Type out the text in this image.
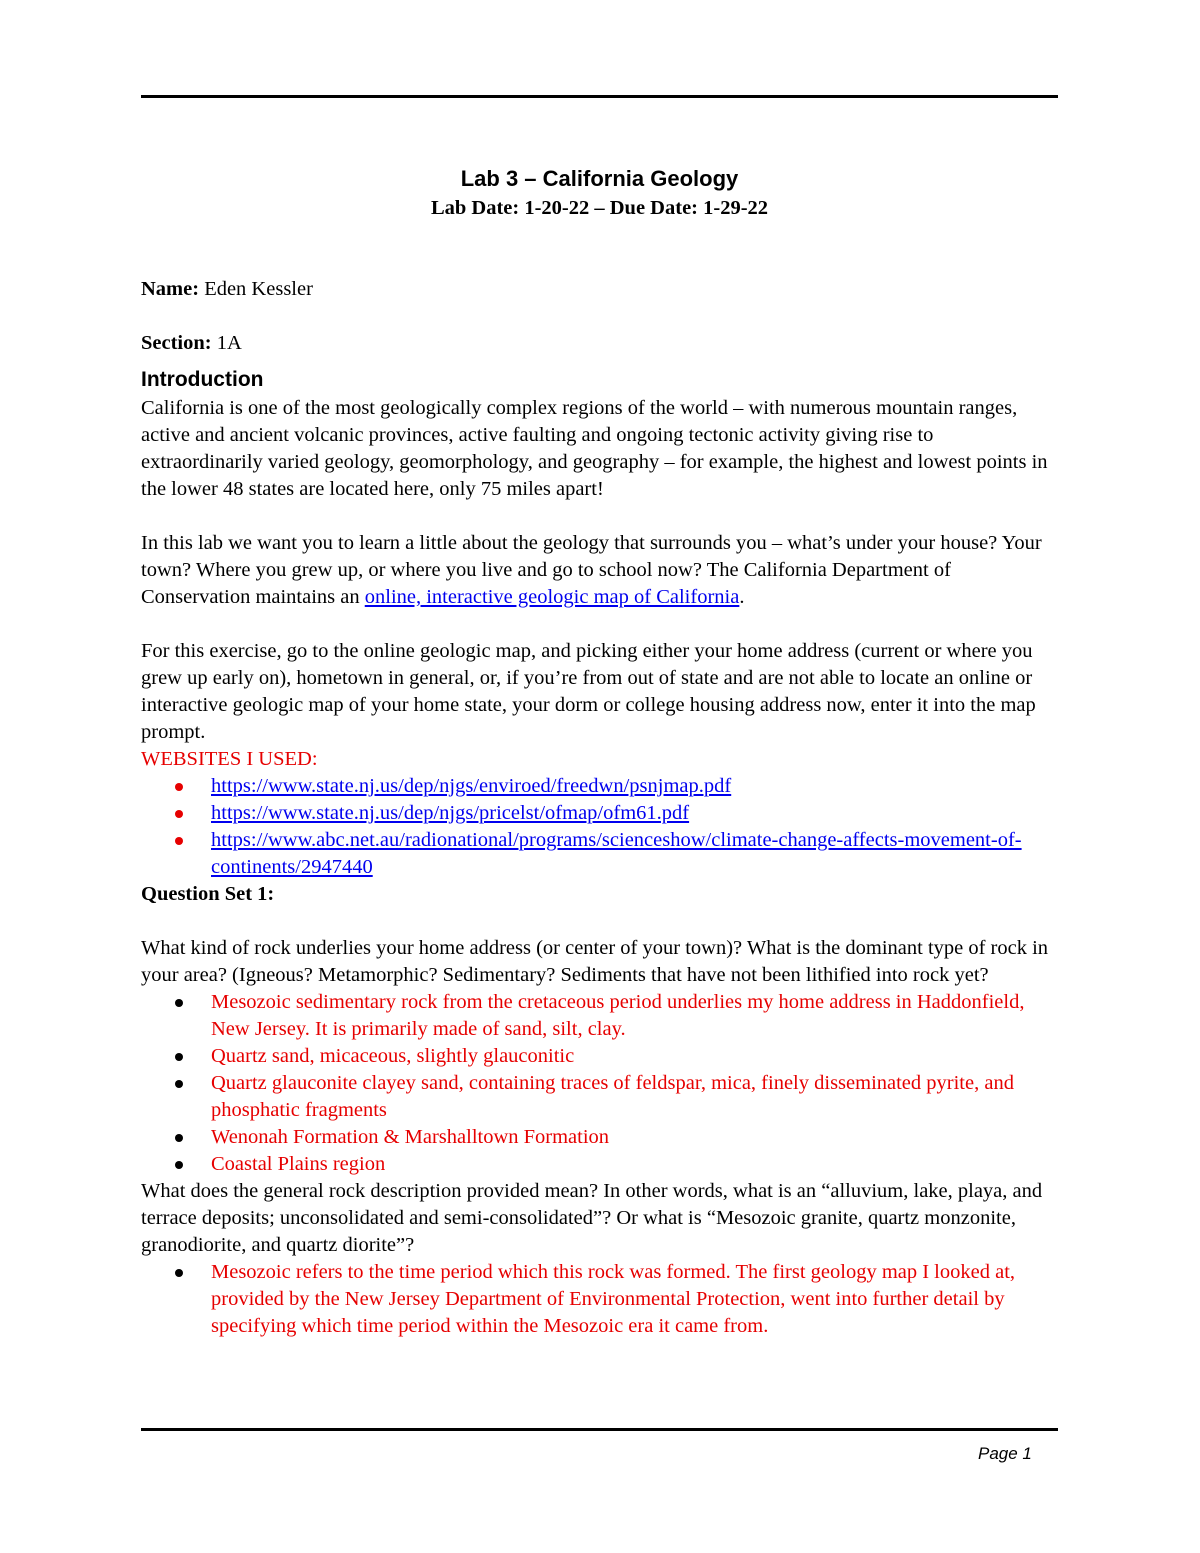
Lab 3 – California Geology
Lab Date: 1-20-22 – Due Date: 1-29-22

Name: Eden Kessler

Section: 1A

Introduction

California is one of the most geologically complex regions of the world – with numerous mountain ranges, active and ancient volcanic provinces, active faulting and ongoing tectonic activity giving rise to extraordinarily varied geology, geomorphology, and geography – for example, the highest and lowest points in the lower 48 states are located here, only 75 miles apart!

In this lab we want you to learn a little about the geology that surrounds you – what’s under your house? Your town? Where you grew up, or where you live and go to school now? The California Department of Conservation maintains an online, interactive geologic map of California.

For this exercise, go to the online geologic map, and picking either your home address (current or where you grew up early on), hometown in general, or, if you’re from out of state and are not able to locate an online or interactive geologic map of your home state, your dorm or college housing address now, enter it into the map prompt.

WEBSITES I USED:

https://www.state.nj.us/dep/njgs/enviroed/freedwn/psnjmap.pdf
https://www.state.nj.us/dep/njgs/pricelst/ofmap/ofm61.pdf
https://www.abc.net.au/radionational/programs/scienceshow/climate-change-affects-movement-of-continents/2947440

Question Set 1:

What kind of rock underlies your home address (or center of your town)? What is the dominant type of rock in your area? (Igneous? Metamorphic? Sedimentary? Sediments that have not been lithified into rock yet?

Mesozoic sedimentary rock from the cretaceous period underlies my home address in Haddonfield, New Jersey. It is primarily made of sand, silt, clay.
Quartz sand, micaceous, slightly glauconitic
Quartz glauconite clayey sand, containing traces of feldspar, mica, finely disseminated pyrite, and phosphatic fragments
Wenonah Formation & Marshalltown Formation
Coastal Plains region

What does the general rock description provided mean? In other words, what is an “alluvium, lake, playa, and terrace deposits; unconsolidated and semi-consolidated”? Or what is “Mesozoic granite, quartz monzonite, granodiorite, and quartz diorite”?

Mesozoic refers to the time period which this rock was formed. The first geology map I looked at, provided by the New Jersey Department of Environmental Protection, went into further detail by specifying which time period within the Mesozoic era it came from.
Page 1
